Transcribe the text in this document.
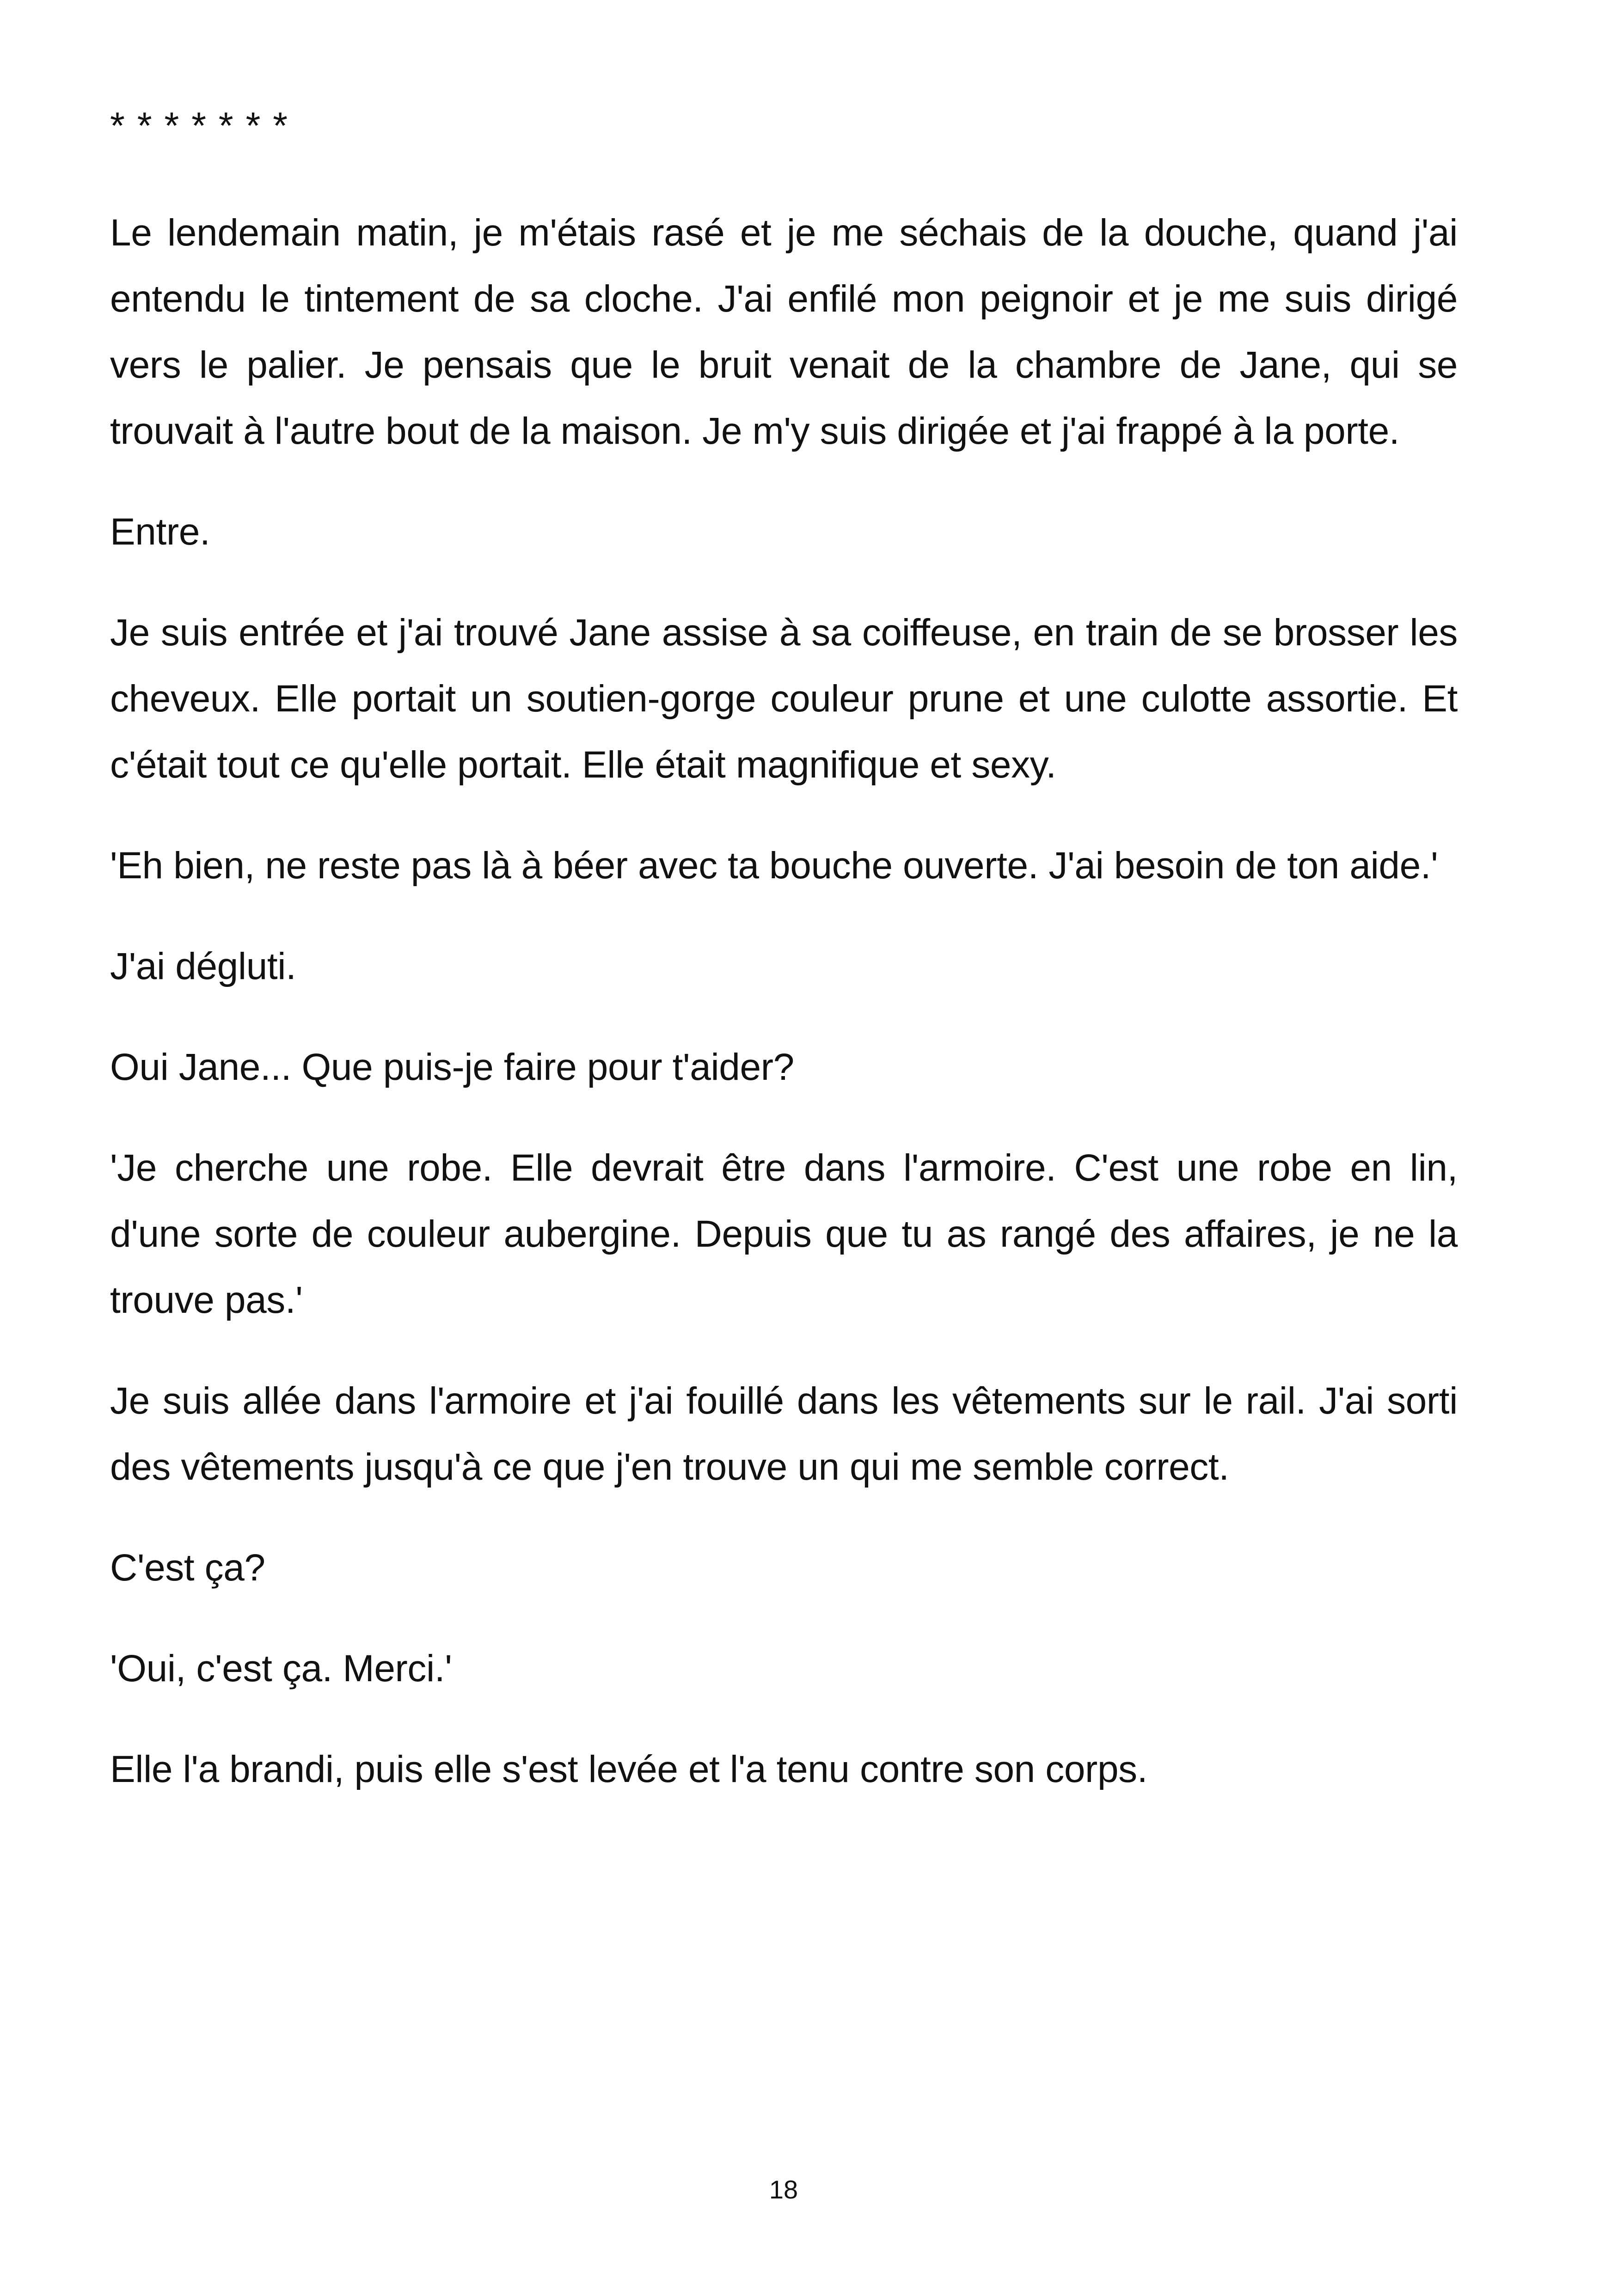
* * * * * * *

Le lendemain matin, je m'étais rasé et je me séchais de la douche, quand j'ai entendu le tintement de sa cloche. J'ai enfilé mon peignoir et je me suis dirigé vers le palier. Je pensais que le bruit venait de la chambre de Jane, qui se trouvait à l'autre bout de la maison. Je m'y suis dirigée et j'ai frappé à la porte.

Entre.

Je suis entrée et j'ai trouvé Jane assise à sa coiffeuse, en train de se brosser les cheveux. Elle portait un soutien-gorge couleur prune et une culotte assortie. Et c'était tout ce qu'elle portait. Elle était magnifique et sexy.

'Eh bien, ne reste pas là à béer avec ta bouche ouverte. J'ai besoin de ton aide.'

J'ai dégluti.

Oui Jane... Que puis-je faire pour t'aider?

'Je cherche une robe. Elle devrait être dans l'armoire. C'est une robe en lin, d'une sorte de couleur aubergine. Depuis que tu as rangé des affaires, je ne la trouve pas.'

Je suis allée dans l'armoire et j'ai fouillé dans les vêtements sur le rail. J'ai sorti des vêtements jusqu'à ce que j'en trouve un qui me semble correct.

C'est ça?

'Oui, c'est ça. Merci.'

Elle l'a brandi, puis elle s'est levée et l'a tenu contre son corps.

18
